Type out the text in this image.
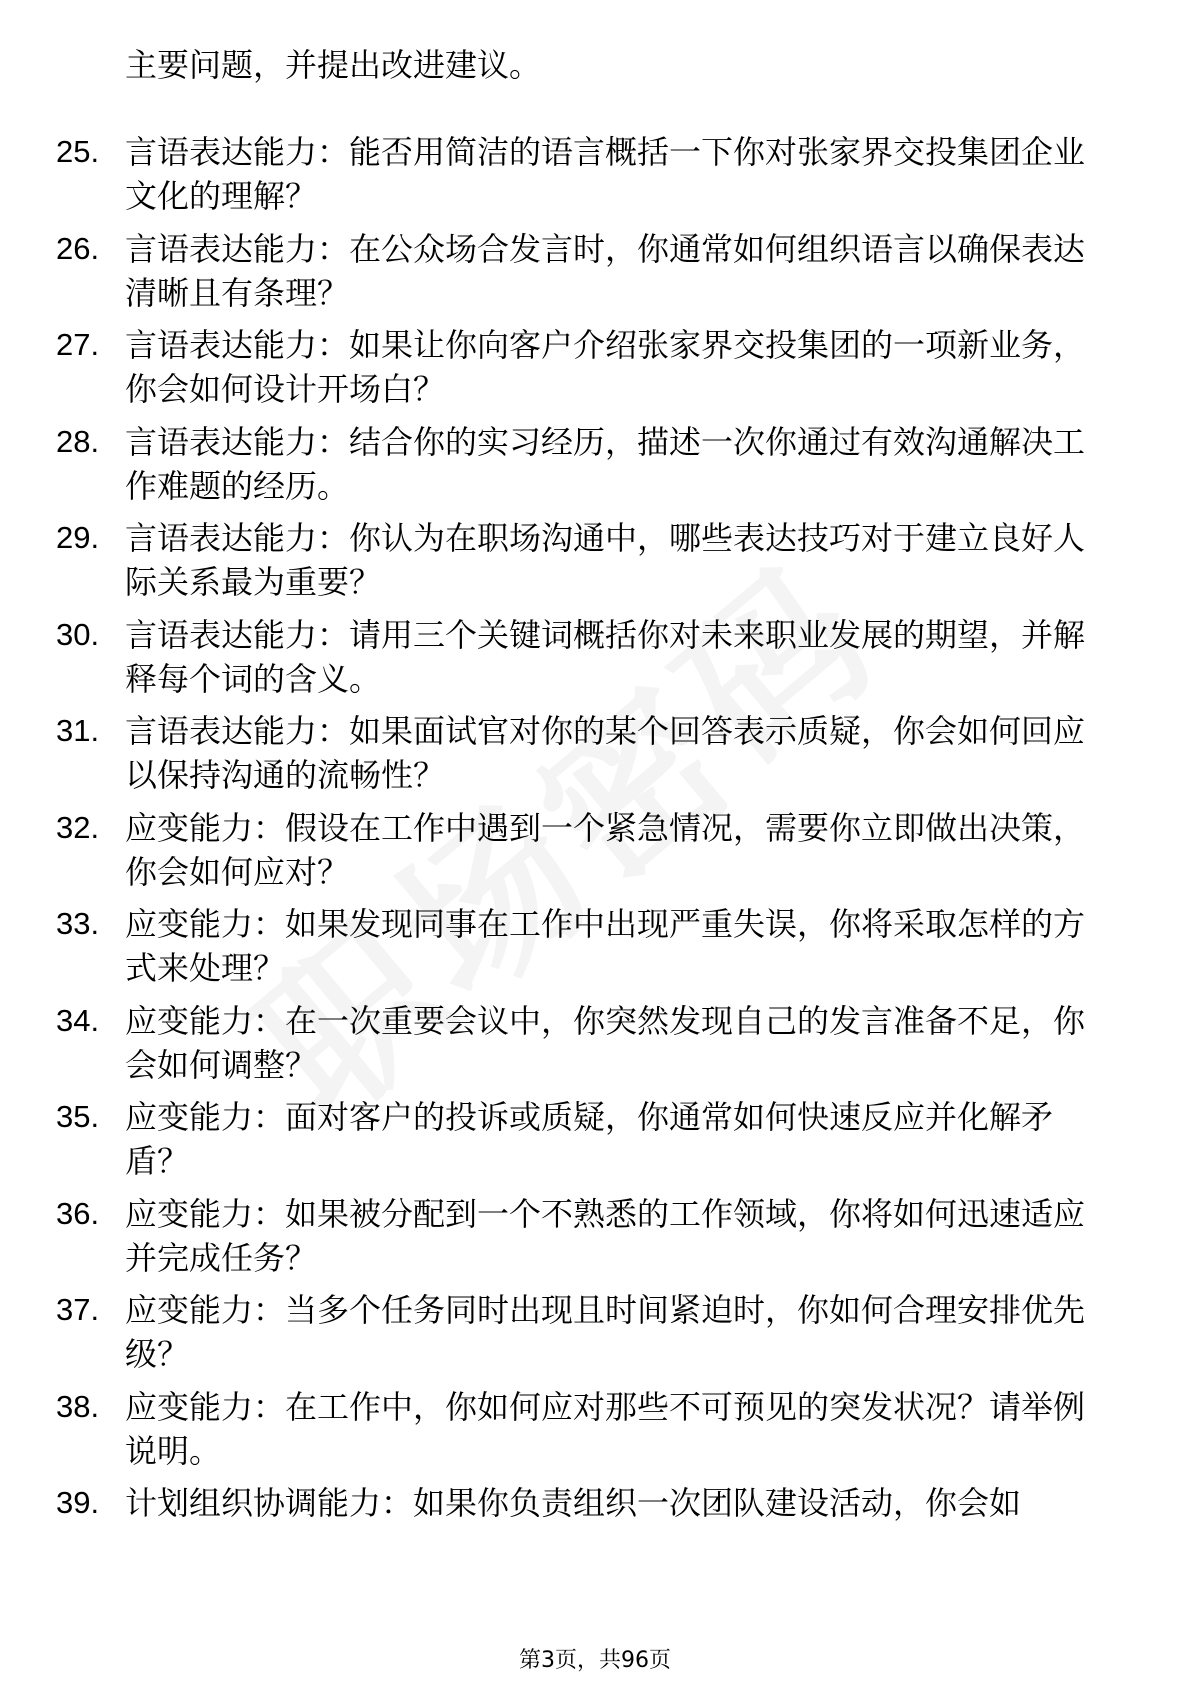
主要问题，并提出改进建议。
25. 言语表达能力：能否用简洁的语言概括一下你对张家界交投集团企业文化的理解？
26. 言语表达能力：在公众场合发言时，你通常如何组织语言以确保表达清晰且有条理？
27. 言语表达能力：如果让你向客户介绍张家界交投集团的一项新业务，你会如何设计开场白？
28. 言语表达能力：结合你的实习经历，描述一次你通过有效沟通解决工作难题的经历。
29. 言语表达能力：你认为在职场沟通中，哪些表达技巧对于建立良好人际关系最为重要？
30. 言语表达能力：请用三个关键词概括你对未来职业发展的期望，并解释每个词的含义。
31. 言语表达能力：如果面试官对你的某个回答表示质疑，你会如何回应以保持沟通的流畅性？
32. 应变能力：假设在工作中遇到一个紧急情况，需要你立即做出决策，你会如何应对？
33. 应变能力：如果发现同事在工作中出现严重失误，你将采取怎样的方式来处理？
34. 应变能力：在一次重要会议中，你突然发现自己的发言准备不足，你会如何调整？
35. 应变能力：面对客户的投诉或质疑，你通常如何快速反应并化解矛盾？
36. 应变能力：如果被分配到一个不熟悉的工作领域，你将如何迅速适应并完成任务？
37. 应变能力：当多个任务同时出现且时间紧迫时，你如何合理安排优先级？
38. 应变能力：在工作中，你如何应对那些不可预见的突发状况？请举例说明。
39. 计划组织协调能力：如果你负责组织一次团队建设活动，你会如
第3页，共96页
